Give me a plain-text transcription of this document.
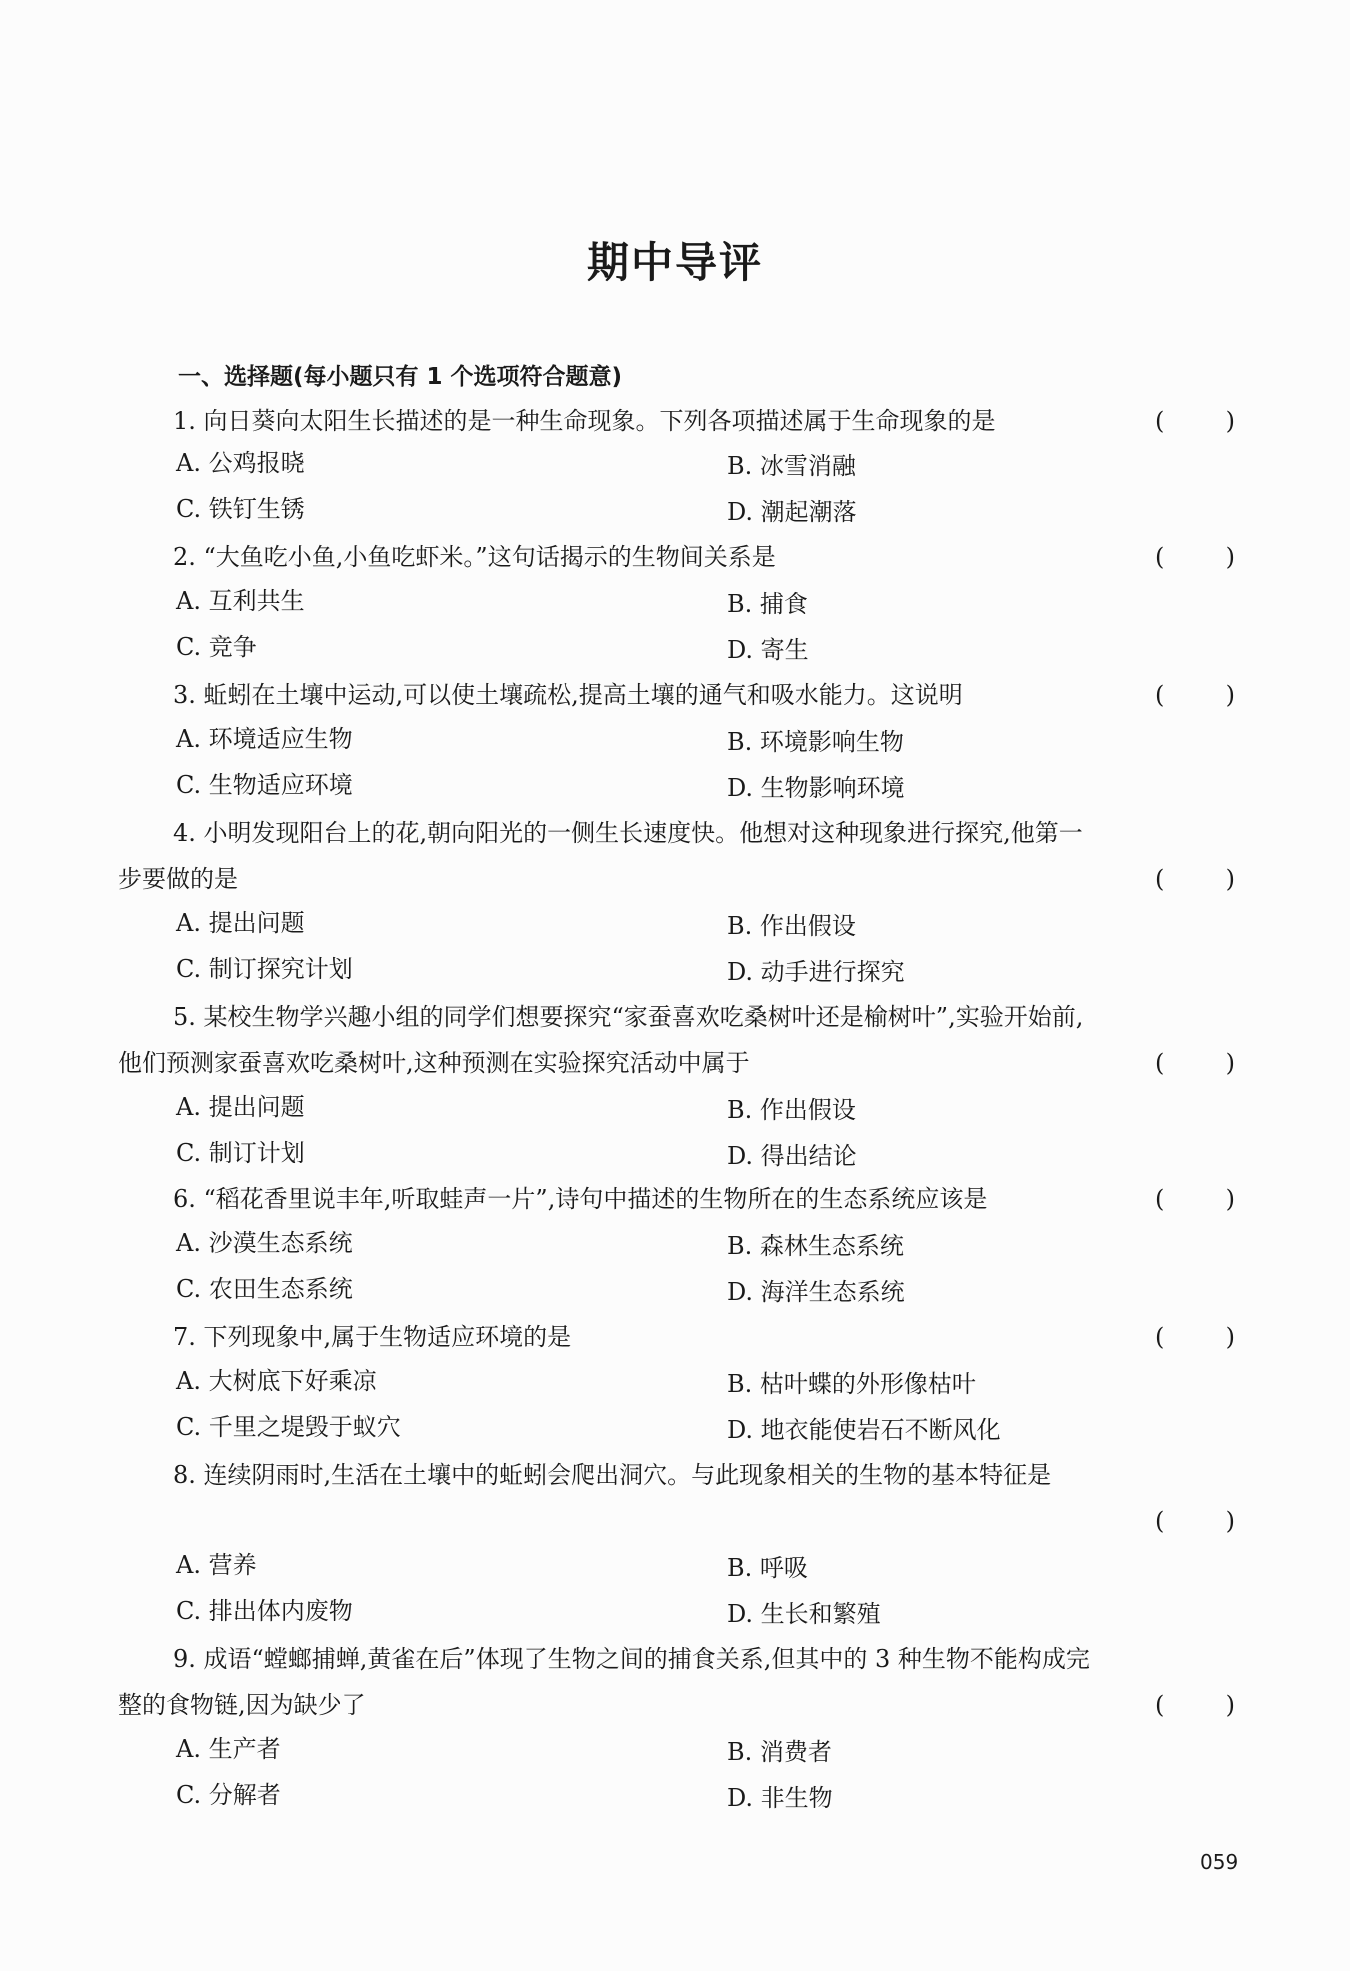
期中导评
一、选择题(每小题只有 1 个选项符合题意)
1. 向日葵向太阳生长描述的是一种生命现象。下列各项描述属于生命现象的是	(	)
A. 公鸡报晓	B. 冰雪消融
C. 铁钉生锈	D. 潮起潮落
2. “大鱼吃小鱼,小鱼吃虾米。”这句话揭示的生物间关系是	(	)
A. 互利共生	B. 捕食
C. 竞争	D. 寄生
3. 蚯蚓在土壤中运动,可以使土壤疏松,提高土壤的通气和吸水能力。这说明	(	)
A. 环境适应生物	B. 环境影响生物
C. 生物适应环境	D. 生物影响环境
4. 小明发现阳台上的花,朝向阳光的一侧生长速度快。他想对这种现象进行探究,他第一
步要做的是	(	)
A. 提出问题	B. 作出假设
C. 制订探究计划	D. 动手进行探究
5. 某校生物学兴趣小组的同学们想要探究“家蚕喜欢吃桑树叶还是榆树叶”,实验开始前,
他们预测家蚕喜欢吃桑树叶,这种预测在实验探究活动中属于	(	)
A. 提出问题	B. 作出假设
C. 制订计划	D. 得出结论
6. “稻花香里说丰年,听取蛙声一片”,诗句中描述的生物所在的生态系统应该是	(	)
A. 沙漠生态系统	B. 森林生态系统
C. 农田生态系统	D. 海洋生态系统
7. 下列现象中,属于生物适应环境的是	(	)
A. 大树底下好乘凉	B. 枯叶蝶的外形像枯叶
C. 千里之堤毁于蚁穴	D. 地衣能使岩石不断风化
8. 连续阴雨时,生活在土壤中的蚯蚓会爬出洞穴。与此现象相关的生物的基本特征是
(	)
A. 营养	B. 呼吸
C. 排出体内废物	D. 生长和繁殖
9. 成语“螳螂捕蝉,黄雀在后”体现了生物之间的捕食关系,但其中的 3 种生物不能构成完
整的食物链,因为缺少了	(	)
A. 生产者	B. 消费者
C. 分解者	D. 非生物
059
